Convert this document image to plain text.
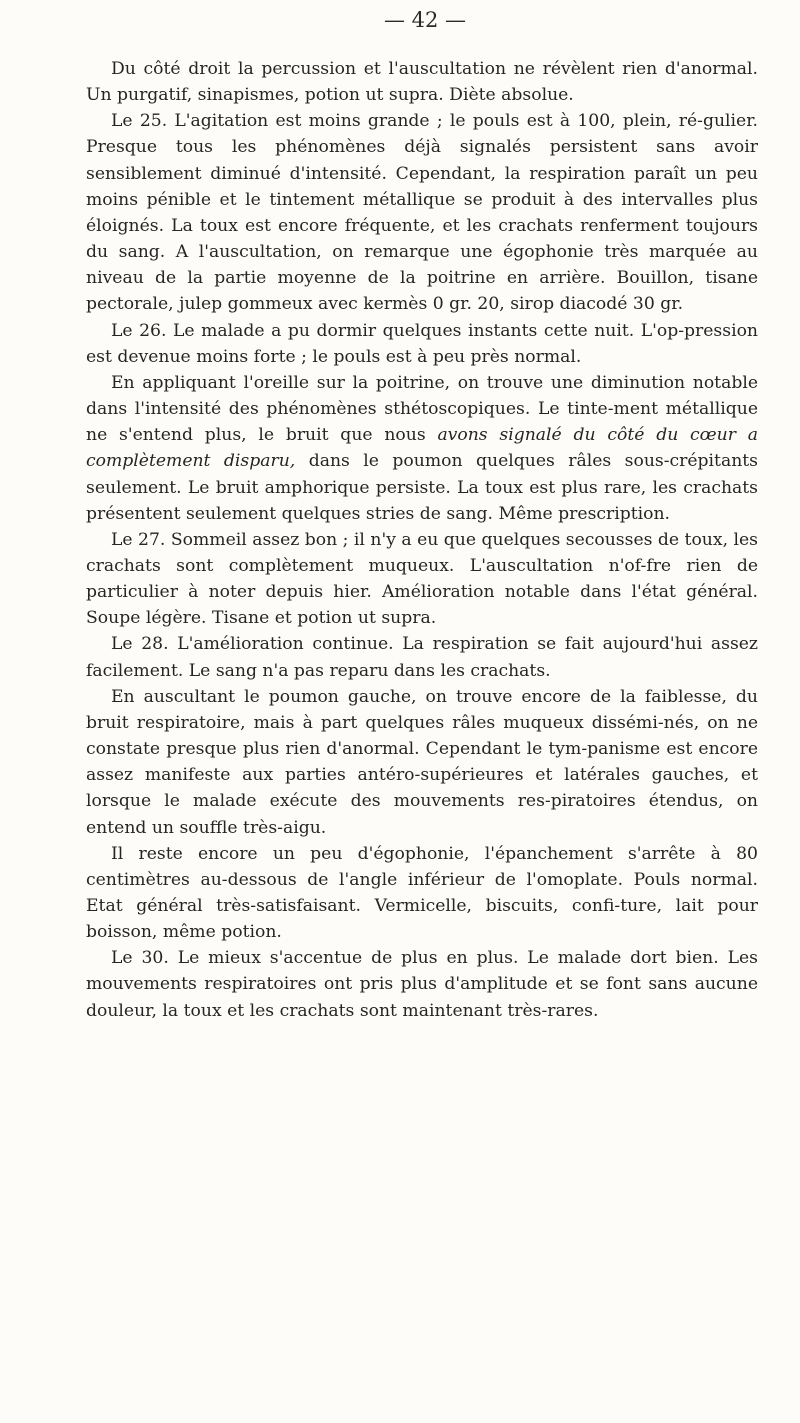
— 42 —

Du côté droit la percussion et l'auscultation ne révèlent rien d'anormal. Un purgatif, sinapismes, potion ut supra. Diète absolue.

Le 25. L'agitation est moins grande ; le pouls est à 100, plein, ré-gulier. Presque tous les phénomènes déjà signalés persistent sans avoir sensiblement diminué d'intensité. Cependant, la respiration paraît un peu moins pénible et le tintement métallique se produit à des intervalles plus éloignés. La toux est encore fréquente, et les crachats renferment toujours du sang. A l'auscultation, on remarque une égophonie très marquée au niveau de la partie moyenne de la poitrine en arrière. Bouillon, tisane pectorale, julep gommeux avec kermès 0 gr. 20, sirop diacodé 30 gr.

Le 26. Le malade a pu dormir quelques instants cette nuit. L'op-pression est devenue moins forte ; le pouls est à peu près normal.

En appliquant l'oreille sur la poitrine, on trouve une diminution notable dans l'intensité des phénomènes sthétoscopiques. Le tinte-ment métallique ne s'entend plus, le bruit que nous avons signalé du côté du cœur a complètement disparu, dans le poumon quelques râles sous-crépitants seulement. Le bruit amphorique persiste. La toux est plus rare, les crachats présentent seulement quelques stries de sang. Même prescription.

Le 27. Sommeil assez bon ; il n'y a eu que quelques secousses de toux, les crachats sont complètement muqueux. L'auscultation n'of-fre rien de particulier à noter depuis hier. Amélioration notable dans l'état général. Soupe légère. Tisane et potion ut supra.

Le 28. L'amélioration continue. La respiration se fait aujourd'hui assez facilement. Le sang n'a pas reparu dans les crachats.

En auscultant le poumon gauche, on trouve encore de la faiblesse, du bruit respiratoire, mais à part quelques râles muqueux dissémi-nés, on ne constate presque plus rien d'anormal. Cependant le tym-panisme est encore assez manifeste aux parties antéro-supérieures et latérales gauches, et lorsque le malade exécute des mouvements res-piratoires étendus, on entend un souffle très-aigu.

Il reste encore un peu d'égophonie, l'épanchement s'arrête à 80 centimètres au-dessous de l'angle inférieur de l'omoplate. Pouls normal. Etat général très-satisfaisant. Vermicelle, biscuits, confi-ture, lait pour boisson, même potion.

Le 30. Le mieux s'accentue de plus en plus. Le malade dort bien. Les mouvements respiratoires ont pris plus d'amplitude et se font sans aucune douleur, la toux et les crachats sont maintenant très-rares.
